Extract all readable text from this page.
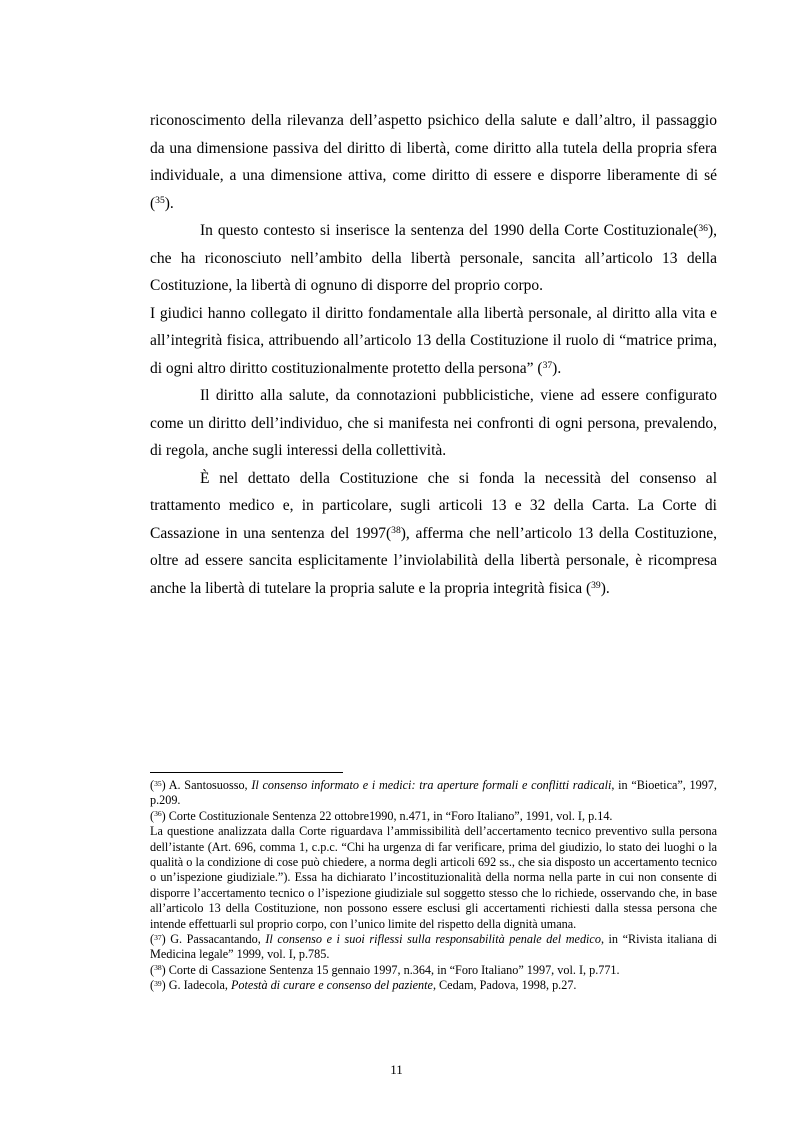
riconoscimento della rilevanza dell’aspetto psichico della salute e dall’altro, il passaggio da una dimensione passiva del diritto di libertà, come diritto alla tutela della propria sfera individuale, a una dimensione attiva, come diritto di essere e disporre liberamente di sé ($^{35}$).

In questo contesto si inserisce la sentenza del 1990 della Corte Costituzionale($^{36}$), che ha riconosciuto nell’ambito della libertà personale, sancita all’articolo 13 della Costituzione, la libertà di ognuno di disporre del proprio corpo.

I giudici hanno collegato il diritto fondamentale alla libertà personale, al diritto alla vita e all’integrità fisica, attribuendo all’articolo 13 della Costituzione il ruolo di “matrice prima, di ogni altro diritto costituzionalmente protetto della persona” ($^{37}$).

Il diritto alla salute, da connotazioni pubblicistiche, viene ad essere configurato come un diritto dell’individuo, che si manifesta nei confronti di ogni persona, prevalendo, di regola, anche sugli interessi della collettività.

È nel dettato della Costituzione che si fonda la necessità del consenso al trattamento medico e, in particolare, sugli articoli 13 e 32 della Carta. La Corte di Cassazione in una sentenza del 1997($^{38}$), afferma che nell’articolo 13 della Costituzione, oltre ad essere sancita esplicitamente l’inviolabilità della libertà personale, è ricompresa anche la libertà di tutelare la propria salute e la propria integrità fisica ($^{39}$).

($^{35}$) A. Santosuosso, Il consenso informato e i medici: tra aperture formali e conflitti radicali, in “Bioetica”, 1997, p.209.

($^{36}$) Corte Costituzionale Sentenza 22 ottobre1990, n.471, in “Foro Italiano”, 1991, vol. I, p.14.

La questione analizzata dalla Corte riguardava l’ammissibilità dell’accertamento tecnico preventivo sulla persona dell’istante (Art. 696, comma 1, c.p.c. “Chi ha urgenza di far verificare, prima del giudizio, lo stato dei luoghi o la qualità o la condizione di cose può chiedere, a norma degli articoli 692 ss., che sia disposto un accertamento tecnico o un’ispezione giudiziale.”). Essa ha dichiarato l’incostituzionalità della norma nella parte in cui non consente di disporre l’accertamento tecnico o l’ispezione giudiziale sul soggetto stesso che lo richiede, osservando che, in base all’articolo 13 della Costituzione, non possono essere esclusi gli accertamenti richiesti dalla stessa persona che intende effettuarli sul proprio corpo, con l’unico limite del rispetto della dignità umana.

($^{37}$) G. Passacantando, Il consenso e i suoi riflessi sulla responsabilità penale del medico, in “Rivista italiana di Medicina legale” 1999, vol. I, p.785.

($^{38}$) Corte di Cassazione Sentenza 15 gennaio 1997, n.364, in “Foro Italiano” 1997, vol. I, p.771.

($^{39}$) G. Iadecola, Potestà di curare e consenso del paziente, Cedam, Padova, 1998, p.27.

11
